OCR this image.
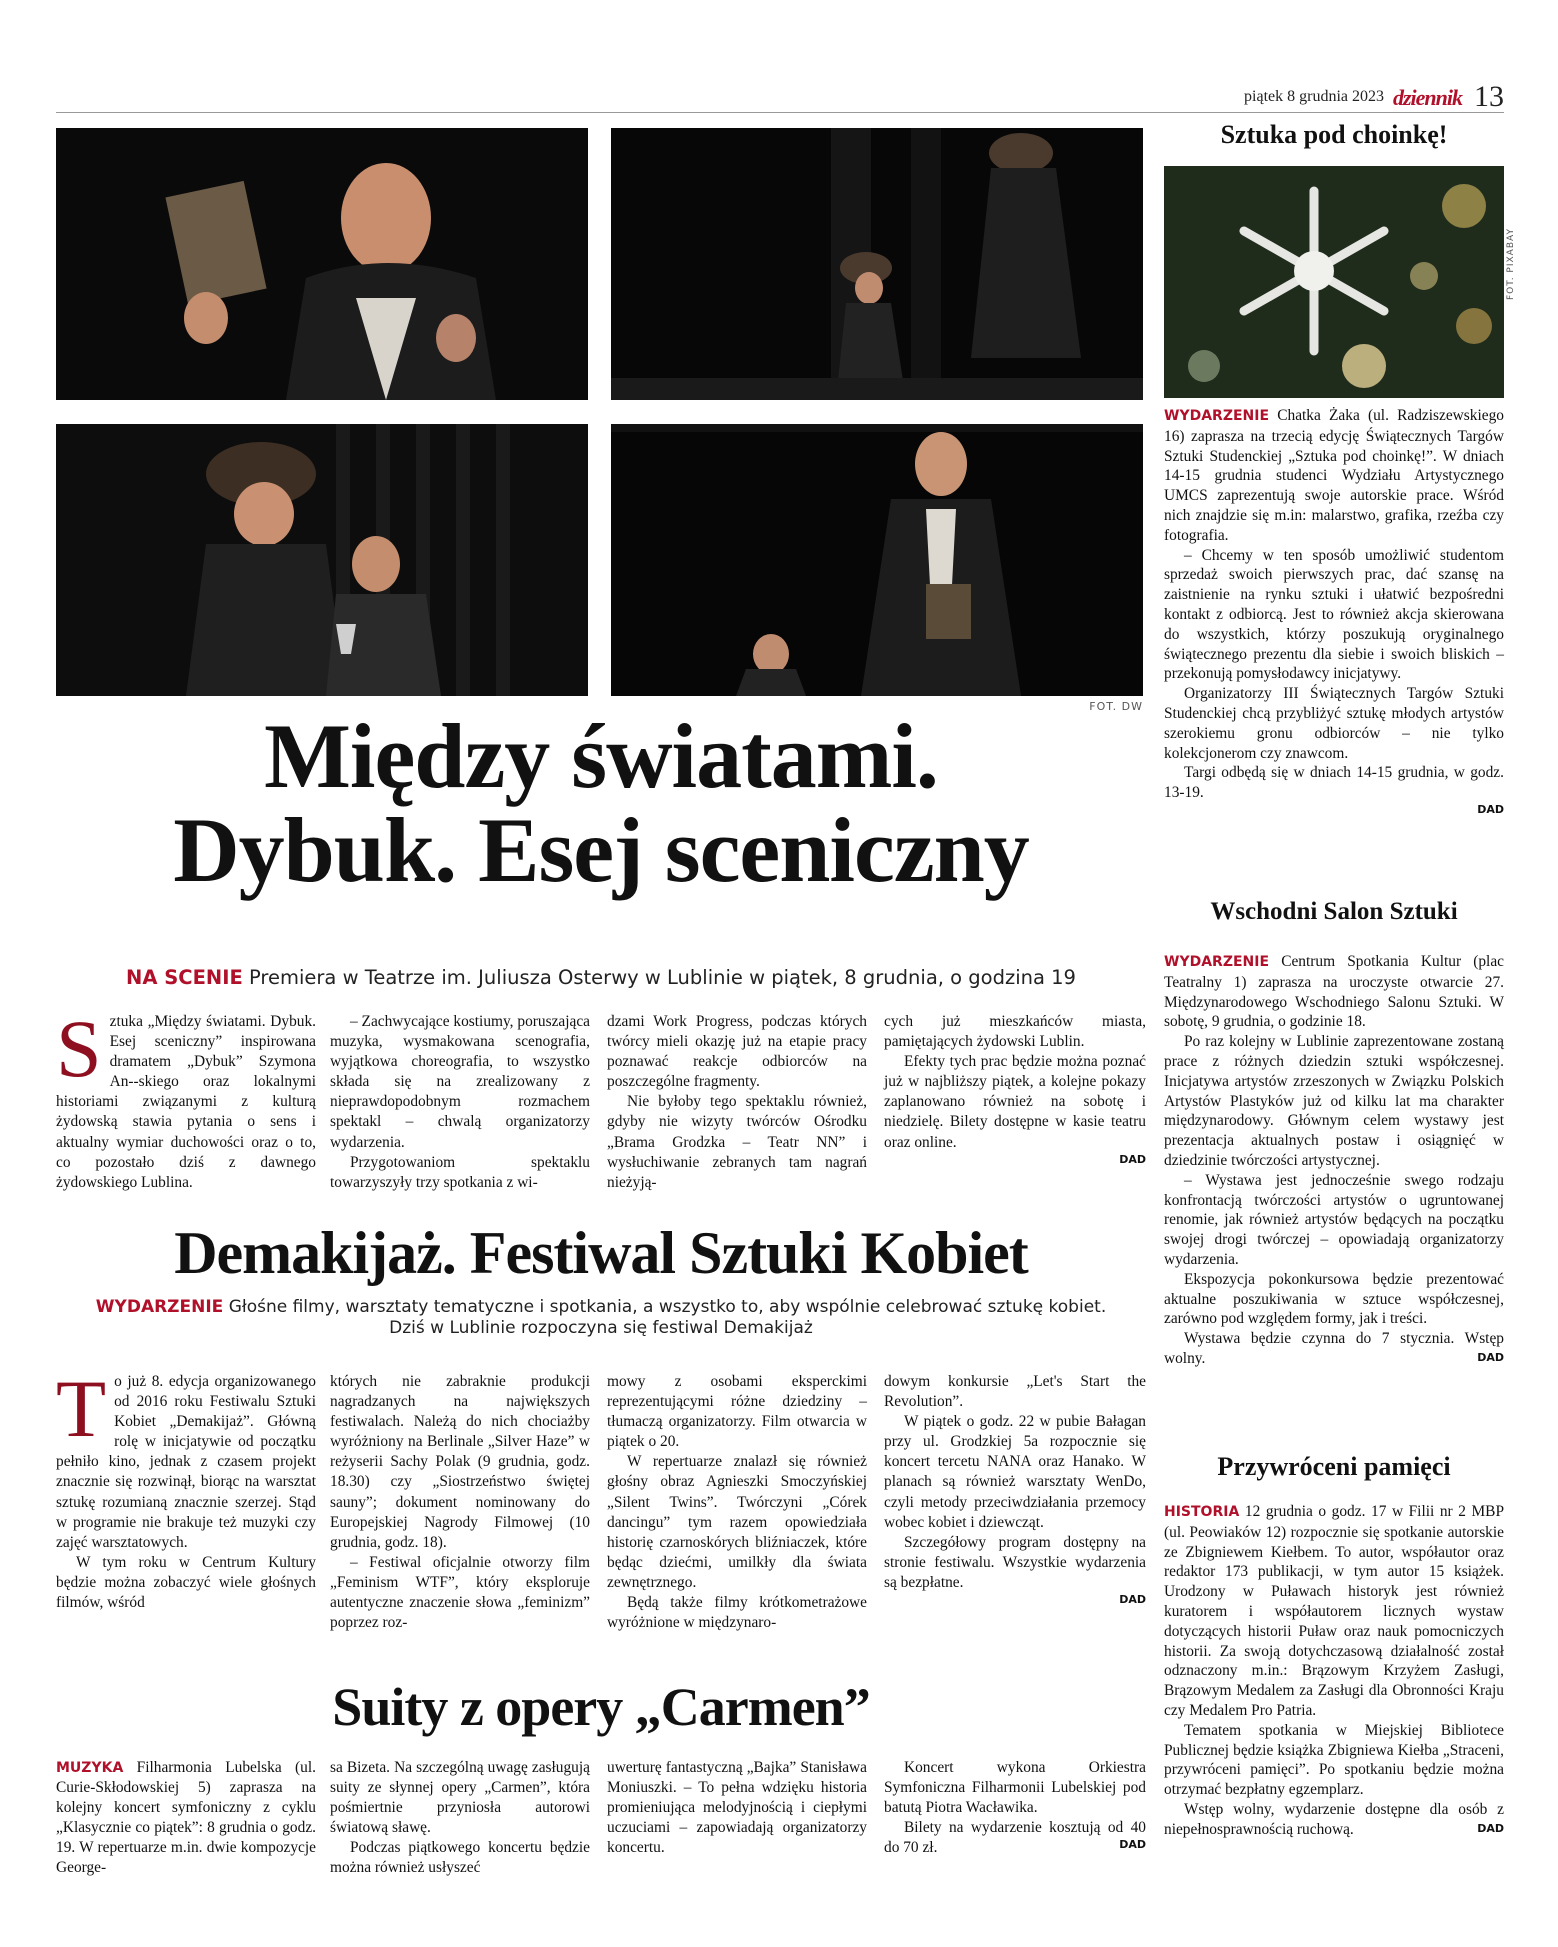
piątek 8 grudnia 2023 dziennik 13
FOT. DW
Między światami.
Dybuk. Esej sceniczny
NA SCENIE Premiera w Teatrze im. Juliusza Osterwy w Lublinie w piątek, 8 grudnia, o godzina 19
S ztuka „Między światami. Dybuk. Esej sceniczny” inspirowana dramatem „Dybuk” Szymona An--skiego oraz lokalnymi historiami związanymi z kulturą żydowską stawia pytania o sens i aktualny wymiar duchowości oraz o to, co pozostało dziś z dawnego żydowskiego Lublina.

– Zachwycające kostiumy, poruszająca muzyka, wysmakowana scenografia, wyjątkowa choreografia, to wszystko składa się na zrealizowany z nieprawdopodobnym rozmachem spektakl – chwalą organizatorzy wydarzenia.

Przygotowaniom spektaklu towarzyszyły trzy spotkania z wi-

dzami Work Progress, podczas których twórcy mieli okazję już na etapie pracy poznawać reakcje odbiorców na poszczególne fragmenty.

Nie byłoby tego spektaklu również, gdyby nie wizyty twórców Ośrodku „Brama Grodzka – Teatr NN” i wysłuchiwanie zebranych tam nagrań nieżyją-

cych już mieszkańców miasta, pamiętających żydowski Lublin.

Efekty tych prac będzie można poznać już w najbliższy piątek, a kolejne pokazy zaplanowano również na sobotę i niedzielę. Bilety dostępne w kasie teatru oraz online.

DAD
Demakijaż. Festiwal Sztuki Kobiet
WYDARZENIE Głośne filmy, warsztaty tematyczne i spotkania, a wszystko to, aby wspólnie celebrować sztukę kobiet.
Dziś w Lublinie rozpoczyna się festiwal Demakijaż
T o już 8. edycja organizowanego od 2016 roku Festiwalu Sztuki Kobiet „Demakijaż”. Główną rolę w inicjatywie od początku pełniło kino, jednak z czasem projekt znacznie się rozwinął, biorąc na warsztat sztukę rozumianą znacznie szerzej. Stąd w programie nie brakuje też muzyki czy zajęć warsztatowych.

W tym roku w Centrum Kultury będzie można zobaczyć wiele głośnych filmów, wśród

których nie zabraknie produkcji nagradzanych na największych festiwalach. Należą do nich chociażby wyróżniony na Berlinale „Silver Haze” w reżyserii Sachy Polak (9 grudnia, godz. 18.30) czy „Siostrzeństwo świętej sauny”; dokument nominowany do Europejskiej Nagrody Filmowej (10 grudnia, godz. 18).

– Festiwal oficjalnie otworzy film „Feminism WTF”, który eksploruje autentyczne znaczenie słowa „feminizm” poprzez roz-

mowy z osobami eksperckimi reprezentującymi różne dziedziny – tłumaczą organizatorzy. Film otwarcia w piątek o 20.

W repertuarze znalazł się również głośny obraz Agnieszki Smoczyńskiej „Silent Twins”. Twórczyni „Córek dancingu” tym razem opowiedziała historię czarnoskórych bliźniaczek, które będąc dziećmi, umilkły dla świata zewnętrznego.

Będą także filmy krótkometrażowe wyróżnione w międzynaro-

dowym konkursie „Let's Start the Revolution”.

W piątek o godz. 22 w pubie Bałagan przy ul. Grodzkiej 5a rozpocznie się koncert tercetu NANA oraz Hanako. W planach są również warsztaty WenDo, czyli metody przeciwdziałania przemocy wobec kobiet i dziewcząt.

Szczegółowy program dostępny na stronie festiwalu. Wszystkie wydarzenia są bezpłatne.

DAD
Suity z opery „Carmen”

MUZYKA Filharmonia Lubelska (ul. Curie-Skłodowskiej 5) zaprasza na kolejny koncert symfoniczny z cyklu „Klasycznie co piątek”: 8 grudnia o godz. 19. W repertuarze m.in. dwie kompozycje George-

sa Bizeta. Na szczególną uwagę zasługują suity ze słynnej opery „Carmen”, która pośmiertnie przyniosła autorowi światową sławę.

Podczas piątkowego koncertu będzie można również usłyszeć

uwerturę fantastyczną „Bajka” Stanisława Moniuszki. – To pełna wdzięku historia promieniująca melodyjnością i ciepłymi uczuciami – zapowiadają organizatorzy koncertu.

Koncert wykona Orkiestra Symfoniczna Filharmonii Lubelskiej pod batutą Piotra Wacławika.

Bilety na wydarzenie kosztują od 40 do 70 zł.	DAD
Sztuka pod choinkę!
FOT. PIXABAY

WYDARZENIE Chatka Żaka (ul. Radziszewskiego 16) zaprasza na trzecią edycję Świątecznych Targów Sztuki Studenckiej „Sztuka pod choinkę!”. W dniach 14-15 grudnia studenci Wydziału Artystycznego UMCS zaprezentują swoje autorskie prace. Wśród nich znajdzie się m.in: malarstwo, grafika, rzeźba czy fotografia.

– Chcemy w ten sposób umożliwić studentom sprzedaż swoich pierwszych prac, dać szansę na zaistnienie na rynku sztuki i ułatwić bezpośredni kontakt z odbiorcą. Jest to również akcja skierowana do wszystkich, którzy poszukują oryginalnego świątecznego prezentu dla siebie i swoich bliskich – przekonują pomysłodawcy inicjatywy.

Organizatorzy III Świątecznych Targów Sztuki Studenckiej chcą przybliżyć sztukę młodych artystów szerokiemu gronu odbiorców – nie tylko kolekcjonerom czy znawcom.

Targi odbędą się w dniach 14-15 grudnia, w godz. 13-19.

DAD
Wschodni Salon Sztuki

WYDARZENIE Centrum Spotkania Kultur (plac Teatralny 1) zaprasza na uroczyste otwarcie 27. Międzynarodowego Wschodniego Salonu Sztuki. W sobotę, 9 grudnia, o godzinie 18.

Po raz kolejny w Lublinie zaprezentowane zostaną prace z różnych dziedzin sztuki współczesnej. Inicjatywa artystów zrzeszonych w Związku Polskich Artystów Plastyków już od kilku lat ma charakter międzynarodowy. Głównym celem wystawy jest prezentacja aktualnych postaw i osiągnięć w dziedzinie twórczości artystycznej.

– Wystawa jest jednocześnie swego rodzaju konfrontacją twórczości artystów o ugruntowanej renomie, jak również artystów będących na początku swojej drogi twórczej – opowiadają organizatorzy wydarzenia.

Ekspozycja pokonkursowa będzie prezentować aktualne poszukiwania w sztuce współczesnej, zarówno pod względem formy, jak i treści.

Wystawa będzie czynna do 7 stycznia. Wstęp wolny.	DAD
Przywróceni pamięci

HISTORIA 12 grudnia o godz. 17 w Filii nr 2 MBP (ul. Peowiaków 12) rozpocznie się spotkanie autorskie ze Zbigniewem Kiełbem. To autor, współautor oraz redaktor 173 publikacji, w tym autor 15 książek. Urodzony w Puławach historyk jest również kuratorem i współautorem licznych wystaw dotyczących historii Puław oraz nauk pomocniczych historii. Za swoją dotychczasową działalność został odznaczony m.in.: Brązowym Krzyżem Zasługi, Brązowym Medalem za Zasługi dla Obronności Kraju czy Medalem Pro Patria.

Tematem spotkania w Miejskiej Bibliotece Publicznej będzie książka Zbigniewa Kiełba „Straceni, przywróceni pamięci”. Po spotkaniu będzie można otrzymać bezpłatny egzemplarz.

Wstęp wolny, wydarzenie dostępne dla osób z niepełnosprawnością ruchową.	DAD
